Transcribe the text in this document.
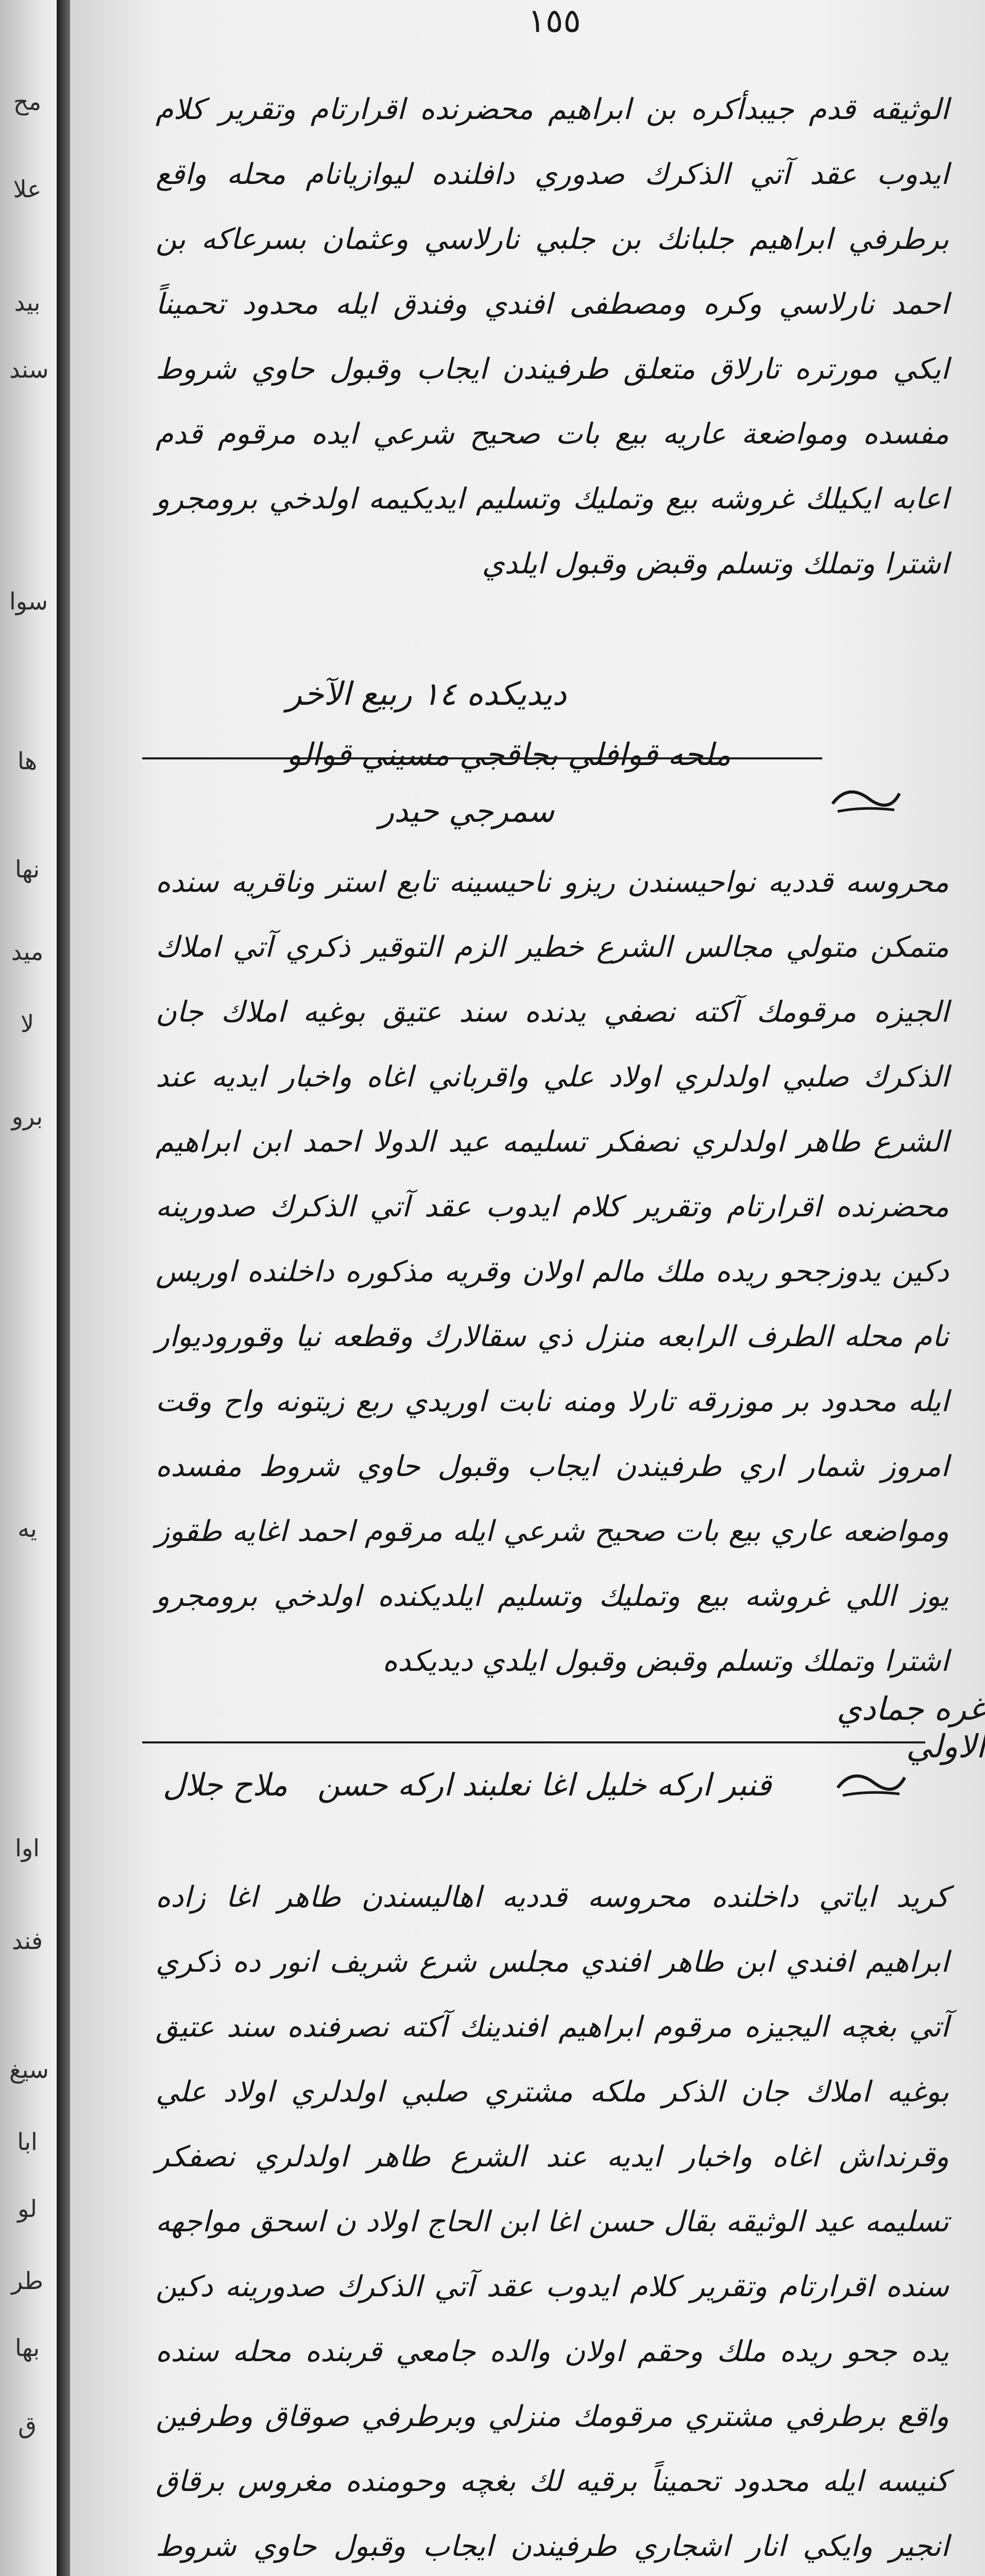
مح
علا
بيد
سند
سوا
ها
نها
ميد
لا
برو
يه
اوا
فند
سيغ
ابا
لو
طر
بها
ق
١٥٥
الوثيقه قدم جيبدأكره بن ابراهيم محضرنده اقرارتام وتقرير كلام ايدوب عقد آتي الذكرك صدوري دافلنده ليوازيانام محله واقع برطرفي ابراهيم جلبانك بن جلبي نارلاسي وعثمان بسرعاكه بن احمد نارلاسي وكره ومصطفى افندي وفندق ايله محدود تحميناً ايكي مورتره تارلاق متعلق طرفيندن ايجاب وقبول حاوي شروط مفسده ومواضعة عاريه بيع بات صحيح شرعي ايده مرقوم قدم اعابه ايكيلك غروشه بيع وتمليك وتسليم ايديكيمه اولدخي برومجرو اشترا وتملك وتسلم وقبض وقبول ايلدي
ديديكده ١٤ ربيع الآخر
سمرجي حيدر
ملحه قوافلي بجاقجي مسيني قوالو
محروسه قدديه نواحيسندن ريزو ناحيسينه تابع استر وناقريه سنده متمكن متولي مجالس الشرع خطير الزم التوقير ذكري آتي املاك الجيزه مرقومك آكته نصفي يدنده سند عتيق بوغيه املاك جان الذكرك صلبي اولدلري اولاد علي واقرباني اغاه واخبار ايديه عند الشرع طاهر اولدلري نصفكر تسليمه عيد الدولا احمد ابن ابراهيم محضرنده اقرارتام وتقرير كلام ايدوب عقد آتي الذكرك صدورينه دكين يدوزجحو ريده ملك مالم اولان وقريه مذكوره داخلنده اوريس نام محله الطرف الرابعه منزل ذي سقالارك وقطعه نيا وقوروديوار ايله محدود بر موزرقه تارلا ومنه نابت اوريدي ربع زيتونه واح وقت امروز شمار اري طرفيندن ايجاب وقبول حاوي شروط مفسده ومواضعه عاري بيع بات صحيح شرعي ايله مرقوم احمد اغايه طقوز يوز اللي غروشه بيع وتمليك وتسليم ايلديكنده اولدخي برومجرو اشترا وتملك وتسلم وقبض وقبول ايلدي ديديكده
غره جمادي الاولي
قنبر اركه خليل اغا نعلبند اركه حسن
ملاح جلال
كريد اياتي داخلنده محروسه قدديه اهاليسندن طاهر اغا زاده ابراهيم افندي ابن طاهر افندي مجلس شرع شريف انور ده ذكري آتي بغچه اليجيزه مرقوم ابراهيم افندينك آكته نصرفنده سند عتيق بوغيه املاك جان الذكر ملكه مشتري صلبي اولدلري اولاد علي وقرنداش اغاه واخبار ايديه عند الشرع طاهر اولدلري نصفكر تسليمه عيد الوثيقه بقال حسن اغا ابن الحاج اولاد ن اسحق مواجهه سنده اقرارتام وتقرير كلام ايدوب عقد آتي الذكرك صدورينه دكين يده جحو ريده ملك وحقم اولان والده جامعي قربنده محله سنده واقع برطرفي مشتري مرقومك منزلي وبرطرفي صوقاق وطرفين كنيسه ايله محدود تحميناً برقيه لك بغچه وحومنده مغروس برقاق انجير وايكي انار اشجاري طرفيندن ايجاب وقبول حاوي شروط
